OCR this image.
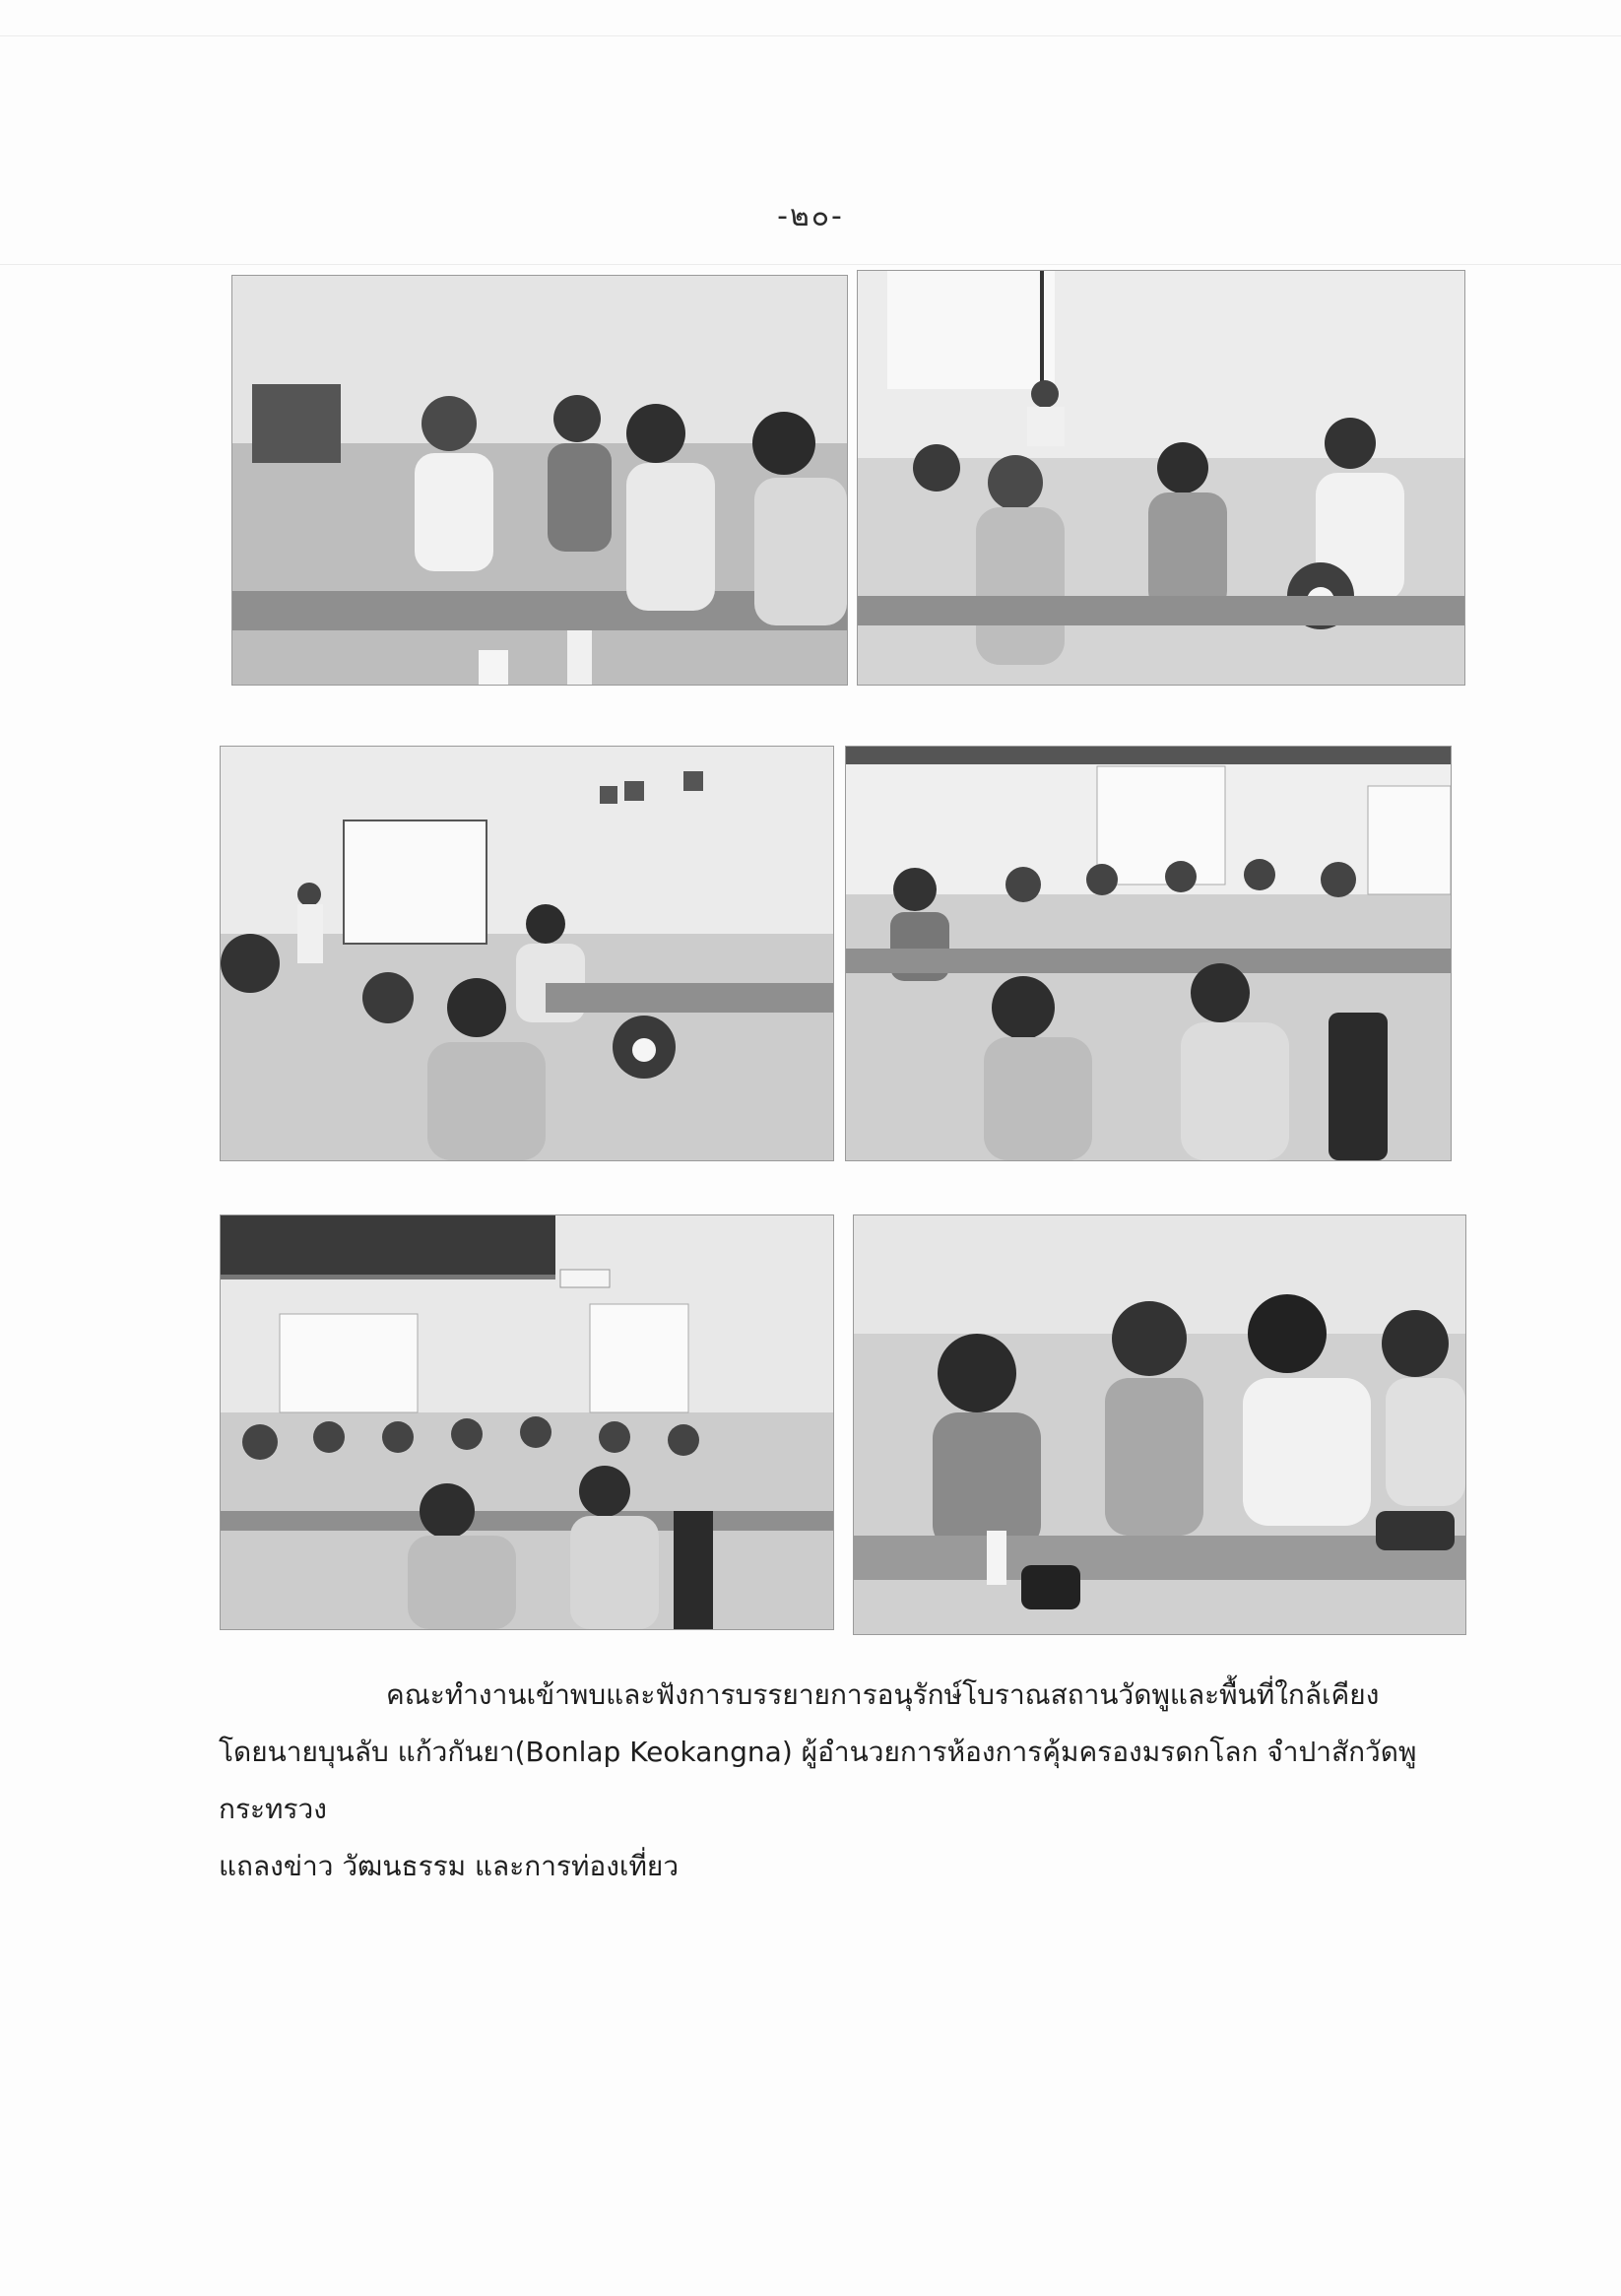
-๒๐-

คณะทำงานเข้าพบและฟังการบรรยายการอนุรักษ์โบราณสถานวัดพูและพื้นที่ใกล้เคียง

โดยนายบุนลับ แก้วกันยา(Bonlap Keokangna) ผู้อำนวยการห้องการคุ้มครองมรดกโลก จำปาสักวัดพู กระทรวง

แถลงข่าว วัฒนธรรม และการท่องเที่ยว
